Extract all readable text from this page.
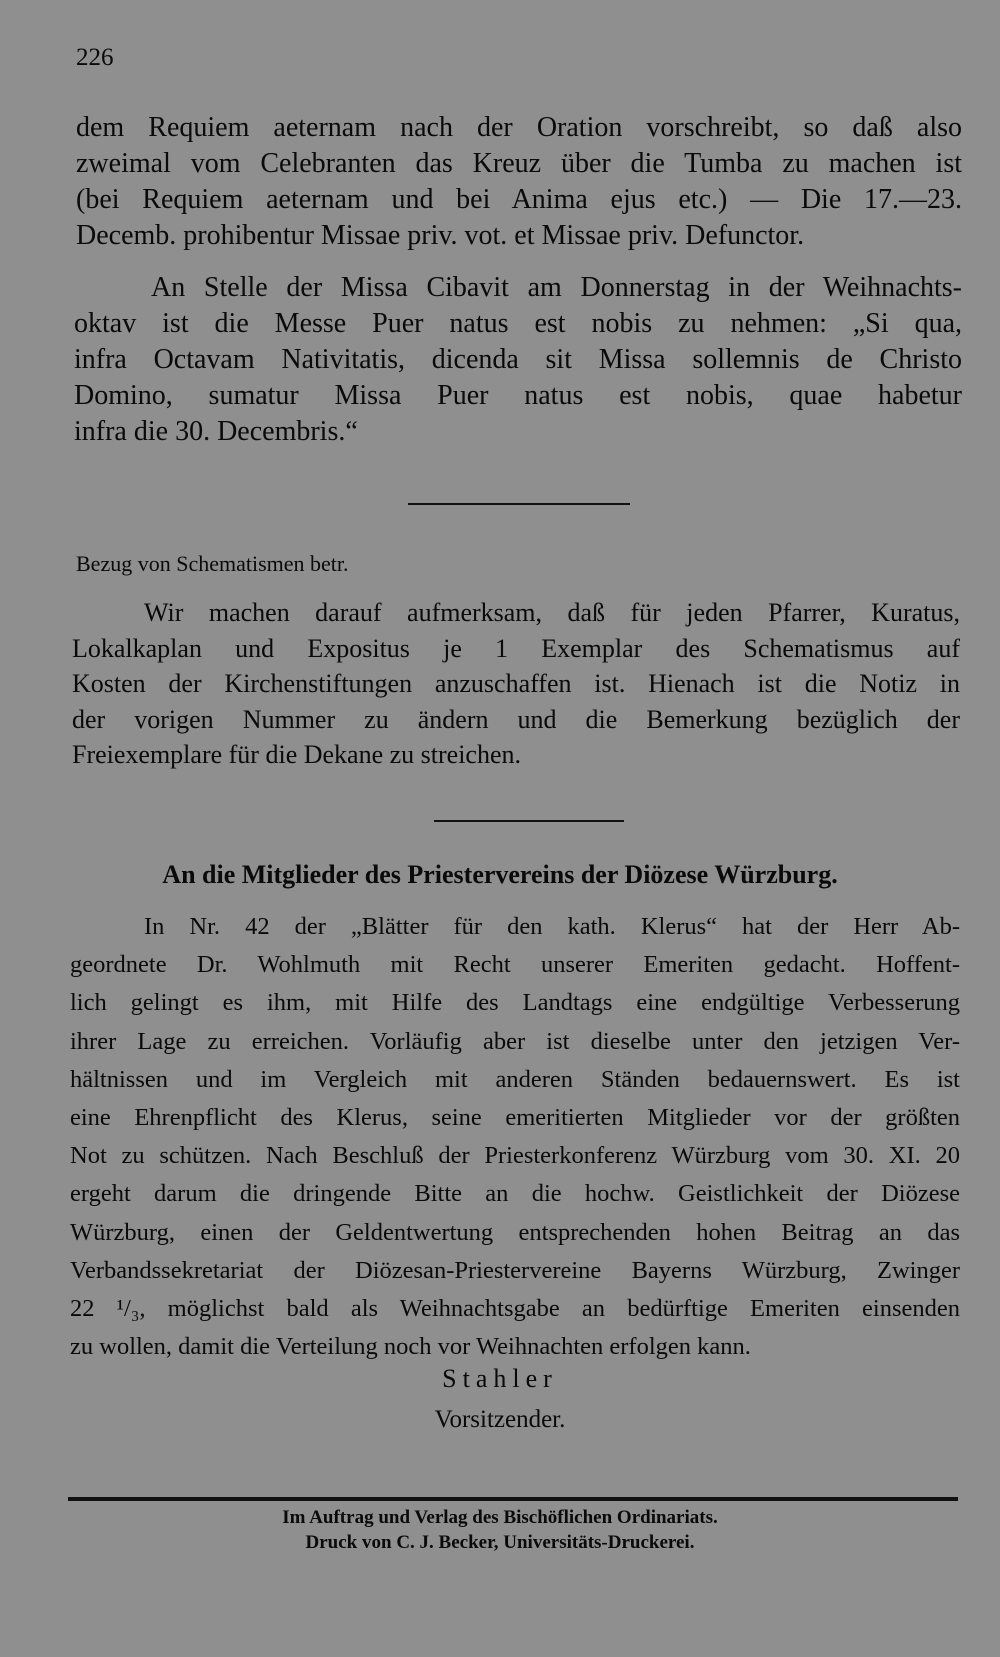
226

dem Requiem aeternam nach der Oration vorschreibt, so daß also
zweimal vom Celebranten das Kreuz über die Tumba zu machen ist
(bei Requiem aeternam und bei Anima ejus etc.) — Die 17.—23.
Decemb. prohibentur Missae priv. vot. et Missae priv. Defunctor.
An Stelle der Missa Cibavit am Donnerstag in der Weihnachts-
oktav ist die Messe Puer natus est nobis zu nehmen: „Si qua,
infra Octavam Nativitatis, dicenda sit Missa sollemnis de Christo
Domino, sumatur Missa Puer natus est nobis, quae habetur
infra die 30. Decembris.“

Bezug von Schematismen betr.

Wir machen darauf aufmerksam, daß für jeden Pfarrer, Kuratus,
Lokalkaplan und Expositus je 1 Exemplar des Schematismus auf
Kosten der Kirchenstiftungen anzuschaffen ist. Hienach ist die Notiz in
der vorigen Nummer zu ändern und die Bemerkung bezüglich der
Freiexemplare für die Dekane zu streichen.

An die Mitglieder des Priestervereins der Diözese Würzburg.

In Nr. 42 der „Blätter für den kath. Klerus“ hat der Herr Ab-
geordnete Dr. Wohlmuth mit Recht unserer Emeriten gedacht. Hoffent-
lich gelingt es ihm, mit Hilfe des Landtags eine endgültige Verbesserung
ihrer Lage zu erreichen. Vorläufig aber ist dieselbe unter den jetzigen Ver-
hältnissen und im Vergleich mit anderen Ständen bedauernswert. Es ist
eine Ehrenpflicht des Klerus, seine emeritierten Mitglieder vor der größten
Not zu schützen. Nach Beschluß der Priesterkonferenz Würzburg vom 30. XI. 20
ergeht darum die dringende Bitte an die hochw. Geistlichkeit der Diözese
Würzburg, einen der Geldentwertung entsprechenden hohen Beitrag an das
Verbandssekretariat der Diözesan-Priestervereine Bayerns Würzburg, Zwinger
22 ¹/₃, möglichst bald als Weihnachtsgabe an bedürftige Emeriten einsenden
zu wollen, damit die Verteilung noch vor Weihnachten erfolgen kann.

Stahler

Vorsitzender.

Im Auftrag und Verlag des Bischöflichen Ordinariats.

Druck von C. J. Becker, Universitäts-Druckerei.
